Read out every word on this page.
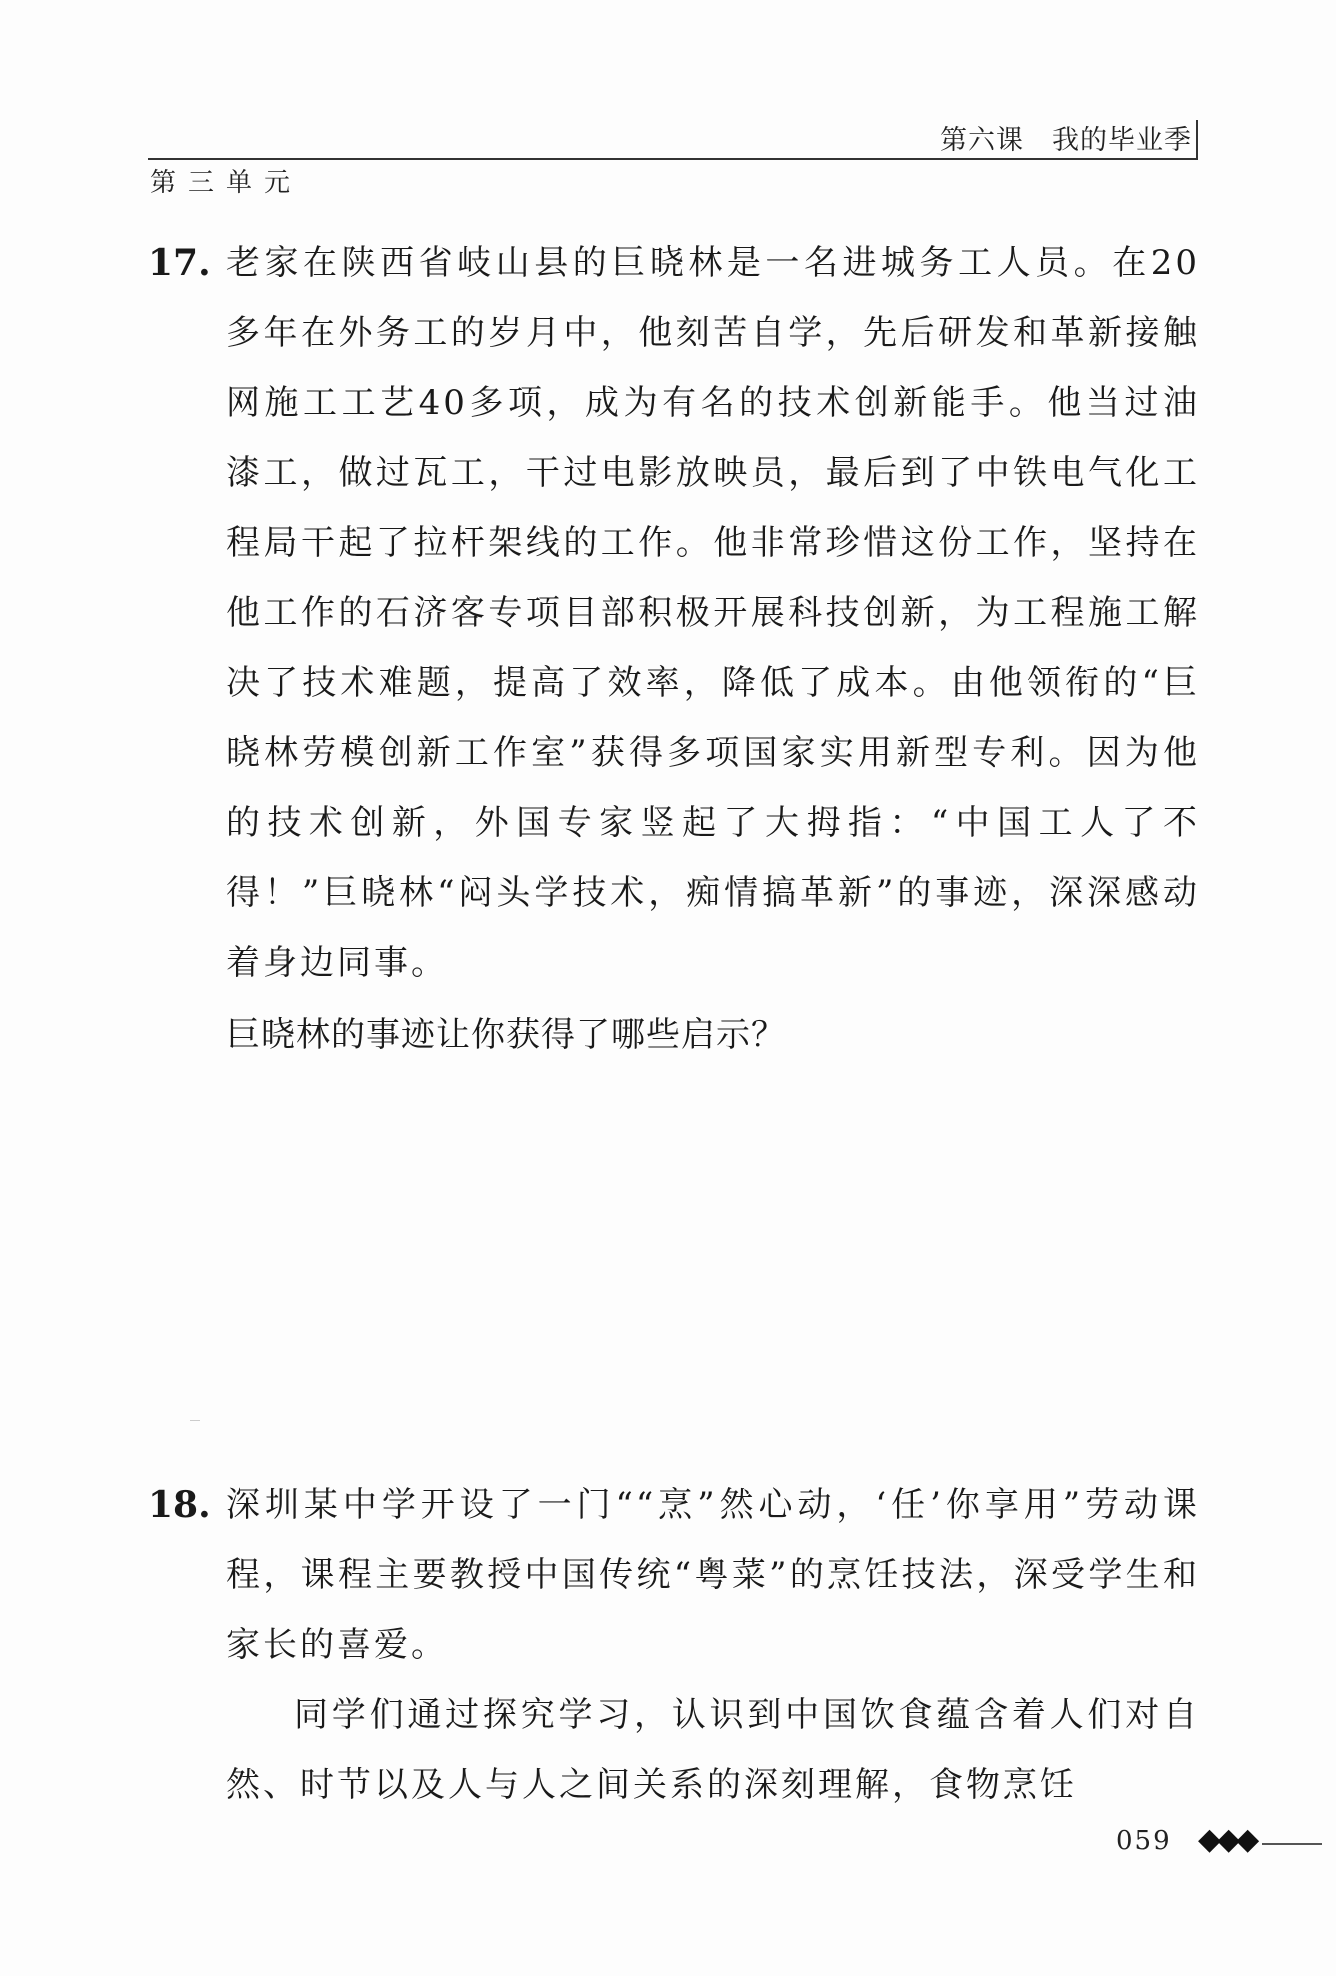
第六课　我的毕业季
第三单元
17. 老家在陕西省岐山县的巨晓林是一名进城务工人员。在20多年在外务工的岁月中，他刻苦自学，先后研发和革新接触网施工工艺40多项，成为有名的技术创新能手。他当过油漆工，做过瓦工，干过电影放映员，最后到了中铁电气化工程局干起了拉杆架线的工作。他非常珍惜这份工作，坚持在他工作的石济客专项目部积极开展科技创新，为工程施工解决了技术难题，提高了效率，降低了成本。由他领衔的“巨晓林劳模创新工作室”获得多项国家实用新型专利。因为他的技术创新，外国专家竖起了大拇指：“中国工人了不得！”巨晓林“闷头学技术，痴情搞革新”的事迹，深深感动着身边同事。

巨晓林的事迹让你获得了哪些启示？
18. 深圳某中学开设了一门““烹”然心动，‘任’你享用”劳动课程，课程主要教授中国传统“粤菜”的烹饪技法，深受学生和家长的喜爱。

同学们通过探究学习，认识到中国饮食蕴含着人们对自然、时节以及人与人之间关系的深刻理解，食物烹饪

059 ◆◆◆
